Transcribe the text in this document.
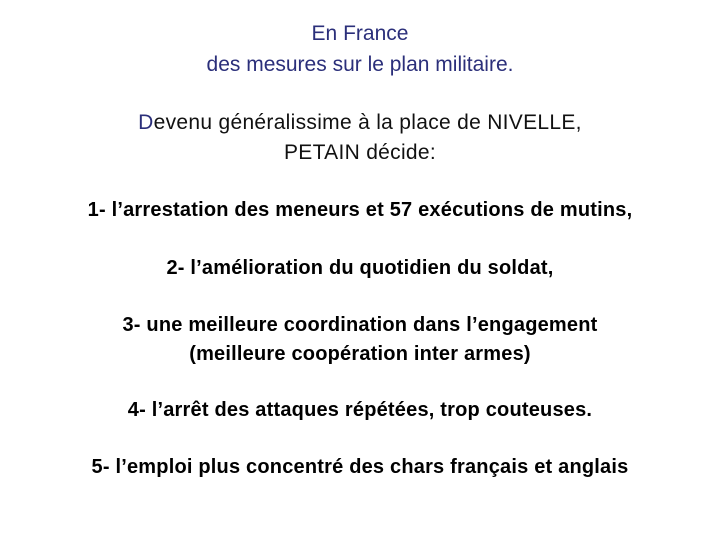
En France
des mesures sur le plan militaire.
Devenu généralissime à la place de NIVELLE,
PETAIN décide:
1- l’arrestation des meneurs et 57 exécutions de mutins,
2- l’amélioration du quotidien du soldat,
3- une meilleure coordination dans l’engagement
(meilleure coopération inter armes)
4- l’arrêt des attaques répétées, trop couteuses.
5- l’emploi plus concentré des chars français et anglais
